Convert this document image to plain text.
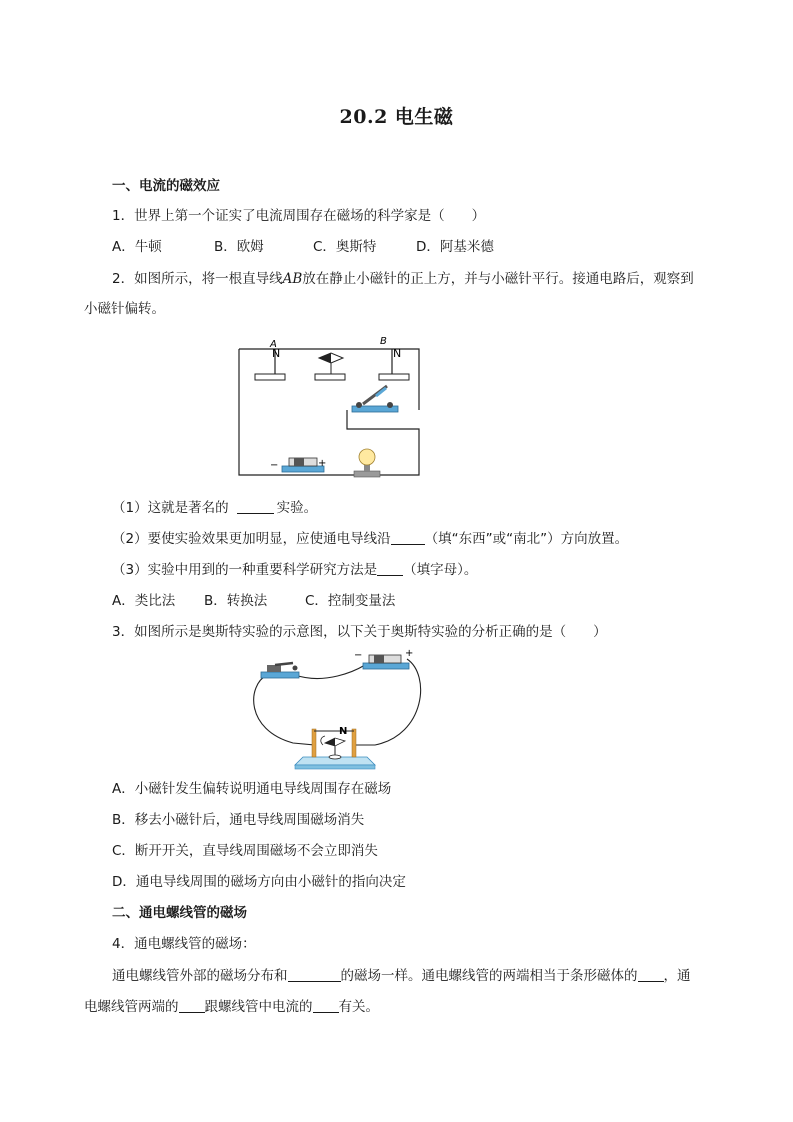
20.2 电生磁
一、电流的磁效应
1．世界上第一个证实了电流周围存在磁场的科学家是（　　）
A．牛顿	B．欧姆	C．奥斯特	D．阿基米德
2．如图所示，将一根直导线AB放在静止小磁针的正上方，并与小磁针平行。接通电路后，观察到
小磁针偏转。
A
N
B
N
−	+
（1）这就是著名的	实验。
（2）要使实验效果更加明显，应使通电导线沿	（填“东西”或“南北”）方向放置。
（3）实验中用到的一种重要科学研究方法是 （填字母）。
A．类比法 B．转换法	C．控制变量法
3．如图所示是奥斯特实验的示意图，以下关于奥斯特实验的分析正确的是（　　）
−	+
N
A．小磁针发生偏转说明通电导线周围存在磁场
B．移去小磁针后，通电导线周围磁场消失
C．断开开关，直导线周围磁场不会立即消失
D．通电导线周围的磁场方向由小磁针的指向决定
二、通电螺线管的磁场
4．通电螺线管的磁场：
通电螺线管外部的磁场分布和	的磁场一样。通电螺线管的两端相当于条形磁体的 ，通
电螺线管两端的 跟螺线管中电流的 有关。
